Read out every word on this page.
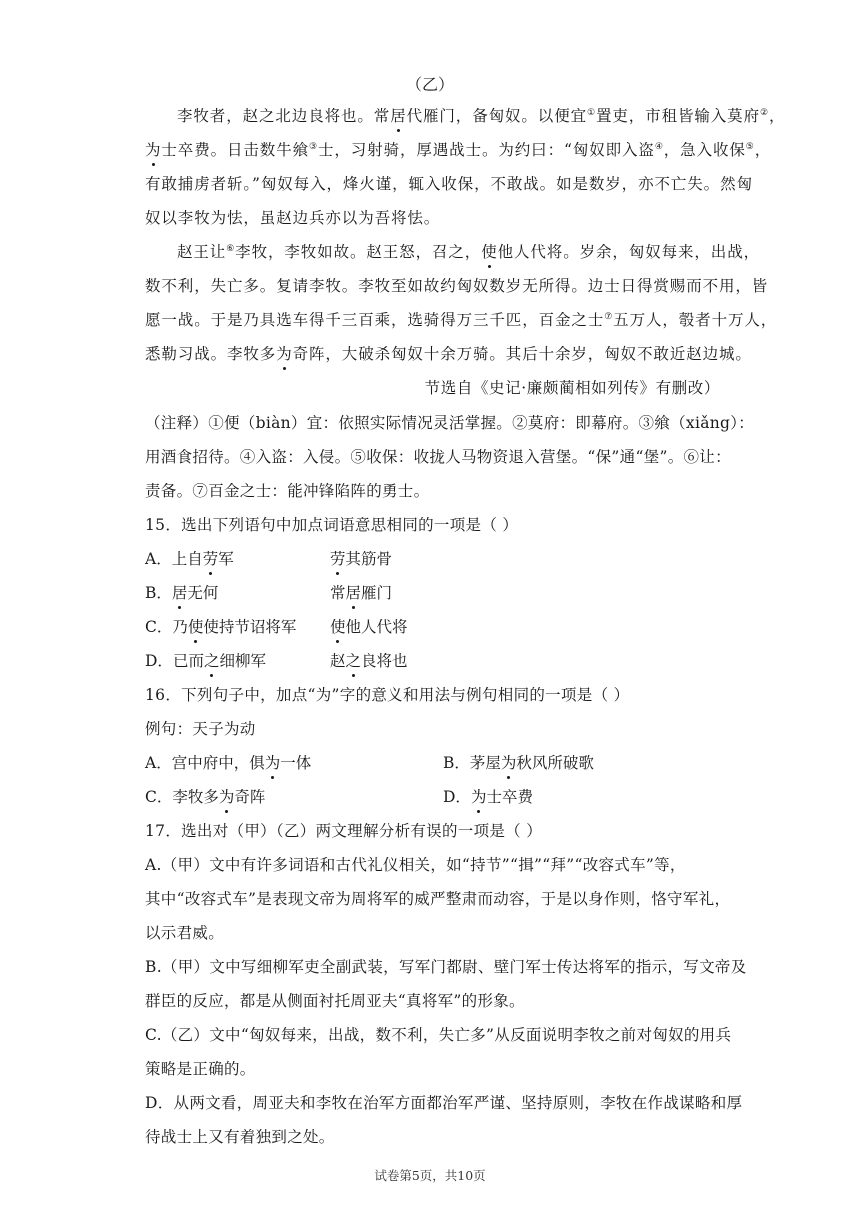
（乙）
李牧者，赵之北边良将也。常居代雁门，备匈奴。以便宜①置吏，市租皆输入莫府②，
为士卒费。日击数牛飨③士，习射骑，厚遇战士。为约曰：“匈奴即入盗④，急入收保⑤，
有敢捕虏者斩。”匈奴每入，烽火谨，辄入收保，不敢战。如是数岁，亦不亡失。然匈
奴以李牧为怯，虽赵边兵亦以为吾将怯。
赵王让⑥李牧，李牧如故。赵王怒，召之，使他人代将。岁余，匈奴每来，出战，
数不利，失亡多。复请李牧。李牧至如故约匈奴数岁无所得。边士日得赏赐而不用，皆
愿一战。于是乃具选车得千三百乘，选骑得万三千匹，百金之士⑦五万人，彀者十万人，
悉勒习战。李牧多为奇阵，大破杀匈奴十余万骑。其后十余岁，匈奴不敢近赵边城。
节选自《史记·廉颇蔺相如列传》有删改）
（注释）①便（biàn）宜：依照实际情况灵活掌握。②莫府：即幕府。③飨（xiǎng）：
用酒食招待。④入盗：入侵。⑤收保：收拢人马物资退入营堡。“保”通“堡”。⑥让：
责备。⑦百金之士：能冲锋陷阵的勇士。
15．选出下列语句中加点词语意思相同的一项是（ ）
A．上自劳军	劳其筋骨
B．居无何	常居雁门
C．乃使使持节诏将军 使他人代将
D．已而之细柳军	赵之良将也
16．下列句子中，加点“为”字的意义和用法与例句相同的一项是（ ）
例句：天子为动
A．宫中府中，俱为一体	B．茅屋为秋风所破歌
C．李牧多为奇阵	D．为士卒费
17．选出对（甲）（乙）两文理解分析有误的一项是（ ）
A.（甲）文中有许多词语和古代礼仪相关，如“持节”“揖”“拜”“改容式车”等，
其中“改容式车”是表现文帝为周将军的威严整肃而动容，于是以身作则，恪守军礼，
以示君威。
B.（甲）文中写细柳军吏全副武装，写军门都尉、壁门军士传达将军的指示，写文帝及
群臣的反应，都是从侧面衬托周亚夫“真将军”的形象。
C.（乙）文中“匈奴每来，出战，数不利，失亡多”从反面说明李牧之前对匈奴的用兵
策略是正确的。
D．从两文看，周亚夫和李牧在治军方面都治军严谨、坚持原则，李牧在作战谋略和厚
待战士上又有着独到之处。
试卷第5页，共10页
